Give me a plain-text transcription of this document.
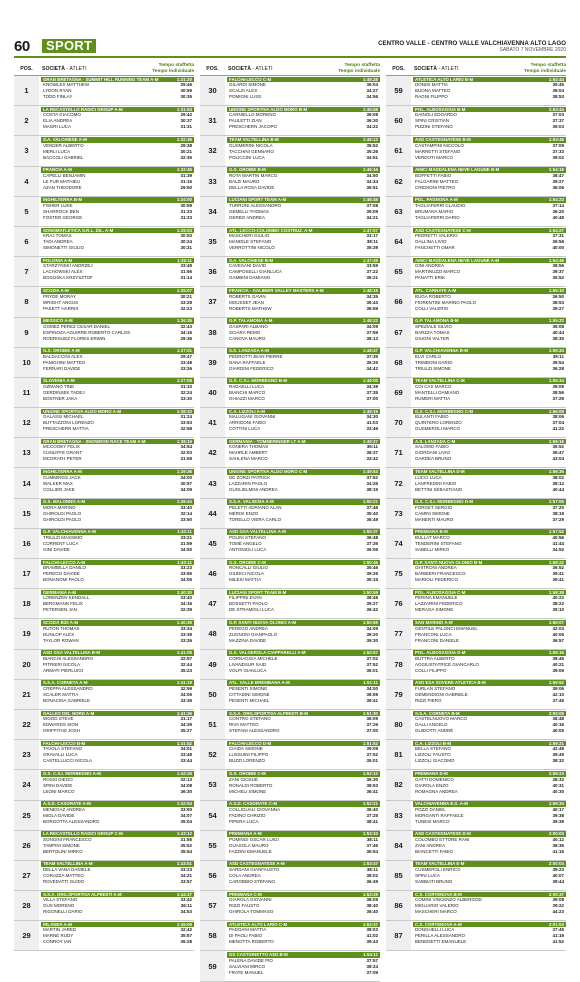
60	SPORT	CENTRO VALLE - CENTRO VALLE VALCHIAVENNA ALTO LAGO
SABATO 7 NOVEMBRE 2020
POS.	SOCIETÀ - ATLETI
Tempo staffetta
Tempo individuale
1
GRAN BRETAGNA - SUMMIT HILL RUNNING TEAM A-M	1:31:20
KNOWLES MATTHEW	29:46
LYDON RYAN	30:59
TODD FINLAY	30:35
2
LA RECASTELLO RADICI GROUP A-M	1:31:53
COSTA GIACOMO	29:42
ELIA ANDREA	30:37
MAGRI LUCA	31:31
3
S.A. VALCHIESE A-M	1:32:36
VENDER ALBERTO	29:38
MERLI LUCA	30:21
BACCOLI GABRIEL	32:36
4
FRANCIA A-M	1:32:45
CAPELLI BENJAMIN	31:39
LE FUR MATHIEU	31:15
AZAN THEODORE	29:50
5
INGHILTERRA B-M	1:34:00
FISHER LUKE	30:59
SHARROCK BEN	31:33
FOSTER GEORGE	31:33
6
SONOMATLETICA S.R.L. DIL. A-M	1:35:03
KRAJ TOMAS	30:53
TADI ANDREA	30:24
SIMONETTI GIULIO	30:31
7
POLONIA A-M	1:35:11
STARZYNSKI ANDRZEJ	33:49
LACHOWSKI ALEX	31:56
BOGUSKA KRZYSZTOF	31:14
8
SCOZIA A-M	1:35:07
PRYDE MORAY	30:21
WRIGHT ANGUS	33:28
PAKETT HARRIS	32:23
9
MESSICO A-M	1:36:35
GOMEZ PEREZ CESAR DANIEL	32:43
ESPINOZA AGUIRRE ROBERTO CARLOS	34:16
RODRIGUEZ FLORES ERWIN	29:36
10
G.S. OROBIE A-M	1:37:01
BALDACCINI ALEX	29:47
PANIGHINI MATTEO	33:48
FERRARI DAVIDE	33:26
11
SLOVENIA A-M	1:37:08
OZMANO TINE	31:10
GERDINSEK TADEJ	32:24
BOSTNER JAKA	33:30
12
UNIONE SPORTIVA ALDO MORO A-M	1:38:10
GALASSI MICHAEL	31:24
BUTTAZZONI LORENZO	33:53
PRESCHERN MATTIA	32:58
13
GRAN BRETAGNA - SNOWDON RACE TEAM A-M	1:38:19
MCCOOEY FELIX	34:54
CUNLIFFE GRANT	32:03
MCGRATH PETER	31:59
14
INGHILTERRA A-M	1:39:36
CUMMINGS JACK	34:00
WALKER MAX	30:57
COLLIER JAKE	34:09
15
G.S. MALONNO A-M	1:39:44
MORA MARINO	33:40
GHIROLDI PAOLO	32:14
GHIROLDI PAOLO	33:50
16
G.P. VALCHIAVENNA A-M	1:40:11
TRIULZI MASSIMO	33:21
CORRENT LUCA	31:59
GINI DAVIDE	34:50
17
FALCHI-LECCO A-M	1:40:11
BRAMBILLA DANILO	33:23
PEREGO DAVIDE	33:55
BONANOMI PAOLO	34:05
18
GERMANIA A-M	1:40:30
LORENZEN KENDALL	33:40
BERGMANN FELIX	34:16
PETERSEN JAN	32:39
19
SCOZIA B20 A-M	1:40:39
RUTON THOMAS	33:34
DUNLOP ALEX	33:39
TAYLOR ROWAN	33:26
20
ASD GSA VALTELLINA B-M	1:41:08
BIANCHI ALESSANDRO	32:57
PITRIERI NICOLA	32:44
ARMATI PIERLUIGI	35:23
21
S.S.A. CORNETA A-M	1:41:19
CREPPA ALESSANDRO	32:59
SCALER MATTIA	34:06
BONACINA GABRIELE	33:36
22
GALLES DEL NORD A-M	1:41:36
WOOD STEVE	31:17
EDWARDS SION	34:39
GRIFFITHS JOSH	35:27
23
FALCHI-LECCO B-M	1:41:52
TAVOLA STEFANO	34:01
GRAVALLI LUCA	33:48
CASTELLUCCI NICOLA	33:44
24
G.S. C.S.I. MORBEGNO A-M	1:42:25
ROSSI DIEGO	32:13
SPINI DAVIDE	34:08
LEONI MARCO	36:30
25
A.S.D. CASORATE A-M	1:42:53
MENEGAZ ANDREA	33:50
MIOLA DAVIDE	34:07
BORGOTTA ALESSANDRO	35:04
26
LA RECASTELLO RADICI GROUP C-M	1:43:12
SONGINI FRANCESCO	31:55
TAMPINI SIMONE	35:52
BERTOLINI MIRKO	35:54
27
TEAM VALTELLINA A-M	1:43:51
DELLA VANA DANIELE	33:23
CORAZZA MATTEO	34:21
ROVEDATTI GUIDO	33:57
28
S.S.A. ORG.SPORTIVA ALPINISTI A-M	1:44:47
VILLA STEFANO	33:42
GUS MORENO	36:11
RIGONELLI DARIO	34:53
29
IRLANDA A-M	1:45:09
MARTIN JARED	32:42
MARNE RUDY	35:57
CONROY IAN	36:28
POS.	SOCIETÀ - ATLETI
Tempo staffetta
Tempo individuale
30
FALCHI-LECCO C-M	1:45:28
GILARDI SIMONE	36:04
SCALZI ALEX	34:27
POMIGNI LUIGI	34:56
31
UNIONE SPORTIVA ALDO MORO B-M	1:45:58
CARNIELLO MORENO	36:08
PAULETTI ZIAN	36:30
PRESCHERN JACOPO	34:22
32
TEAM VALTELLINA B-M	1:46:12
GUSMERINI NICOLA	35:52
TACCHINI GENNARO	35:26
POLICCINI LUCA	34:51
33
G.S. OROBIE B-M	1:46:16
ROTA MARTIN MARCO	34:50
BALZI MAURO	34:34
DELLA ROSA DAVIDE	36:51
34
LUCIANI SPORT TEAM A-M	1:46:45
TURRONI ALESSANDRO	37:08
GEMELLI THOMAS	35:09
GERBO ANDREA	34:21
35
ATL. LECCO-COLOMBO COSTRUZ. A-M	1:47:07
MASCHERI GIULIO	33:17
MANDILE STEFANO	38:11
VERROTTINI NICOLÒ	35:39
36
S.A. VALCHIESE B-M	1:47:49
CAVESANI DAVID	33:59
CAMPOSELLI GIANLUCA	37:22
GAMBINI DAMIANO	36:21
37
FRANCIA - GALIBIER VALLEY MASTERS A-M	1:48:18
ROBERTS GAVIN	34:35
MOUSSET JEAN	36:43
ROBERTS MATHEW	36:59
38
G.P. TALAMONA A-M	1:48:22
GASPARI ALBANO	34:09
SCIARA REMO	37:59
CANOVA MAURO	36:13
39
S.S. LANZADA A-M	1:48:47
PEDROTTI JEAN PIERRE	37:35
NANA RAFFAELE	36:25
GIARDINI FEDERICO	34:42
40
G.S. C.S.I. MORBEGNO B-M	1:49:00
RADAELLI LUCA	34:39
BIANCHI MARCO	37:35
GHIAZZI MARCO	37:00
41
C.A. LIZZOLI A-M	1:49:19
MALUGANI GIOVANNI	34:30
ARRIGONI FABIO	41:03
COTTINI LUCA	33:46
42
GERMANIA - TOMMERINGER LT A-M	1:49:27
KONERA THOMAS	36:11
MAHRLE AMBERT	39:37
SAHLENA MARCO	33:42
43
UNIONE SPORTIVA ALDO MORO C-M	1:49:53
DE ZORZI PATRICK	37:52
LAZZARIN PAOLO	34:26
GUGLIELMINI ANDREA	38:15
44
S.S.A. VALSESIA A-M	1:50:21
PELETTI ADRIANO ALAN	37:46
MERISI ENZO	35:40
TORELLO VIERA CARLO	36:49
45
ASD GSA VALTELLINA A-M	1:50:37
POLINI STEFANO	36:48
TOMÉ ANGELO	37:35
ANTONIOLI LUCA	36:06
46
G.S. OROBIE C-M	1:50:45
RONCALLI GIULIO	35:46
GIUDICI NICOLA	39:26
MILESI MATTIA	35:15
47
LUCIANI SPORT TEAM B-M	1:50:59
FILIPPINI EVAN	38:48
BOSSETTI PAOLO	35:27
DE STRAMIGLI LUCA	36:42
48
G.P. SANTI NUOVA OLONIO A-M	1:50:59
PEREGO ANDREA	34:09
ZUGNONI GIANPAOLO	39:20
MAZZINA DAVIDE	39:30
49
G.S. VALGEROLA CIAPPARELLI A-M	1:50:57
CORNAGGIA MICHELE	37:02
LIVANDSUR SAID	37:52
VOLPI GIANLUCA	36:01
50
ATL. VALLE BREMBANA A-M	1:51:11
PESENTI SIMONE	34:00
CITTADINI SIMONE	36:59
PESENTI MICHAEL	39:41
51
S.S.A. ORG.SPORTIVA ALPINISTI B-M	1:51:30
CONTRO STEFANO	36:09
RIVA MATTEO	37:26
STEFANI ALESSANDRO	37:00
52
FALCHI-LECCO D-M	1:51:52
CIAIDA SIMONE	39:09
LUSSUINI FILIPPO	37:52
BUZZI LORENZO	35:01
53
G.S. OROBIE C-M	1:52:12
ZANI GIOSUÈ	36:30
RONALDI ROBERTO	38:53
MICHELI SIMONE	36:41
54
A.S.D. CASORATE C-M	1:52:21
COLLIGUALI GIOVANNA	36:40
FADINO CHRIZIO	37:25
PIPERA LUCA	38:41
55
PREMIANA A-M	1:53:10
POMINGI OSCAR LUIGI	38:11
GUASOLA MAURO	37:46
FAZZINI EMANUELE	36:54
56
ASD CASTEGNATESE A-M	1:53:47
SARDANI GIANFAUSTO	38:11
COLA ANDREA	38:02
CAROBBIO STEFANO	36:49
57
PREMIANA C-M	1:53:29
GIAROLA GIOVANNI	38:09
RIZZI FAUSTO	38:40
GHIROLA TOMMASO	36:40
58
ATLETICA ALTO LARIO C-M	1:53:37
PADOANI MATTIA	38:03
DI PAOLI FABIO	41:02
MENOTTA ROBERTO	39:43
59
GS CASTIONETTO ASD B-M	1:54:11
PALENA DAVIDE PIO	37:57
SALVIANI MIRCO	38:24
FRATE MANUEL	37:09
POS.	SOCIETÀ - ATLETI
Tempo staffetta
Tempo individuale
59
ATLETICA ALTO LARIO B-M	1:53:44
DONISI MATTIA	35:45
BUONA MATTEO	39:04
RAGNI FILIPPO	38:53
60
POL. ALBOSAGGIA B-M	1:53:44
DAINOLI EDOARDO	37:03
SPINI CRISTIAN	37:37
PIZZINI STEFANO	39:03
61
ASD CASTEGNATESE B-M	1:53:46
CASTAMPINI NICCOLÒ	37:09
MARRETTI STEFANO	37:33
VERDOTI MARCO	39:02
62
AMICI MADDALENA NEVE LAGUNE B-M	1:54:18
BOFFETTI FABIO	38:47
FALGARINI MATTEO	39:27
CREDIONI PIETRO	36:06
63
POL. PAGNONA A-M	1:54:23
TAGLIAFERRI CLAUDIO	37:14
BRUMANA MARIO	36:20
TAGLIAFERRI DARIO	40:49
64
ASD CASTEGNATESE C-M	1:54:27
PEDRETTI VALERIO	37:31
GALLINA LIVIO	36:56
FANCHETTI OMAR	40:00
65
AMICI MADDALENA NEVE LAGUNE A-M	1:54:46
GINI ANDREA	38:56
MARTINUZZI MARCO	39:37
PANATTI ERIK	35:52
66
ATL. CARNATE A-M	1:55:10
BUGA ROBERTO	36:50
FIORENTINI MARINO PAOLO	38:53
COLLI VALERIO	39:27
67
G.P. TALAMONA B-M	1:55:22
SPEZIALE SILVIO	36:08
BARZZA TOMAS	40:44
GIUGNI VALTER	38:30
68
G.P. VALCHIAVENNA B-M	1:55:33
ELVI CARLO	39:11
TRIMBONI DARIO	39:54
TRIULZI SIMONE	36:28
69
TEAM VALTELLINA C-M	1:55:34
COI CAS MARCO	39:09
MANTELLI DAMIANO	38:56
RUMERI MATTIA	37:29
70
G.S. C.S.I. MORBEGNO C-M	1:56:09
BULANTI FABIO	38:06
QUINTERO LORENZO	37:04
GUSMEROLI MARCO	41:22
71
A.S. LANZADA C-M	1:56:16
SALOMO FABIO	36:52
GIORDANI LIVIO	36:47
GARDEA BRUNO	43:04
72
TEAM VALTELLINA D-M	1:56:35
LUCCI LUCA	38:02
LANFREDINI FABIO	38:12
BETTINI SEBASTIANO	40:44
73
G.S. C.S.I. MORBEGNO D-M	1:57:05
FORGET SERGIO	37:20
CAMINI SIMONE	38:19
MANENTI MAURO	37:29
74
PREMIANA B-M	1:57:52
BULLAT MARCO	40:56
TENDERINI STEFANO	41:44
SABELLI MIRKO	34:52
75
G.P. SANTI NUOVA OLONIO B-M	1:58:22
GHITRONI ANDREA	36:52
BARBIERI FRANCESCO	39:41
MARIOLI FEDERICO	39:41
76
POL. ALBOSAGGIA C-M	1:58:39
PERINA EMANUELE	40:22
LAZZARINI FEDERICO	38:22
MERAGA SIMONE	39:10
77
SAN MARINO A-M	1:59:07
GENTILE PALONCI EMANUEL	42:03
FRANCONI LUCA	40:06
FRANCONI DANIELE	36:57
78
POL. ALBOSAGGIA D-M	1:59:16
BUTTRA ALBERTO	38:45
AGGIUSTATRICE GIANCARLO	40:21
COLLI FILIPPO	39:06
79
ASD ESA SOVERE ATLETICA B-M	1:59:52
FURLAN STEFANO	39:06
GEMENDIGNI GABRIELE	42:10
RIZZI PIERO	37:46
80
S.S.A. CORNETA B-M	2:00:05
CASTELNUOVO MARCO	38:48
GALLI ANGELO	40:16
GUIDOTTI ANDRÈ	40:05
81
C.A. LIZZOLI B-M	1:59:21
BELLA STEFANO	42:48
LIZZOLI FAUSTO	39:49
LIZZOLI GIACOMO	38:32
82
PREMIANA D-M	1:59:23
GATTI DOMENICO	38:32
GIAROLA ENZO	40:31
ROMAGNA ANDREA	40:30
83
VALCHIAVENNA E.S. A-M	1:59:34
POZZI DANIEL	40:17
MORGANTI RAFFAELE	39:38
TUNESI MARCO	39:39
84
ASD CASTEGNATESE D-M	2:00:03
COLOMBO ETTORE RANI	40:12
ZANI ANDREA	38:36
BIANCETTI FABIO	41:15
85
TEAM VALTELLINA E-M	2:00:04
CUSMEROLI ENRICO	39:23
SPINI LUCA	40:07
SABBIATI BRUNO	39:44
86
C.S. CORTENOVA B-M	2:00:37
COMINI VINCENZO ALBERGOD	39:08
MIGLIARIO VALERIO	39:22
MASCHERI MARCO	44:23
87
C.S. CORTENOVA A-M	2:01:04
DONGHELLI LUCA	37:45
PERILLA ALESSANDRO	41:16
BENEDETTI EMANUELE	41:52
